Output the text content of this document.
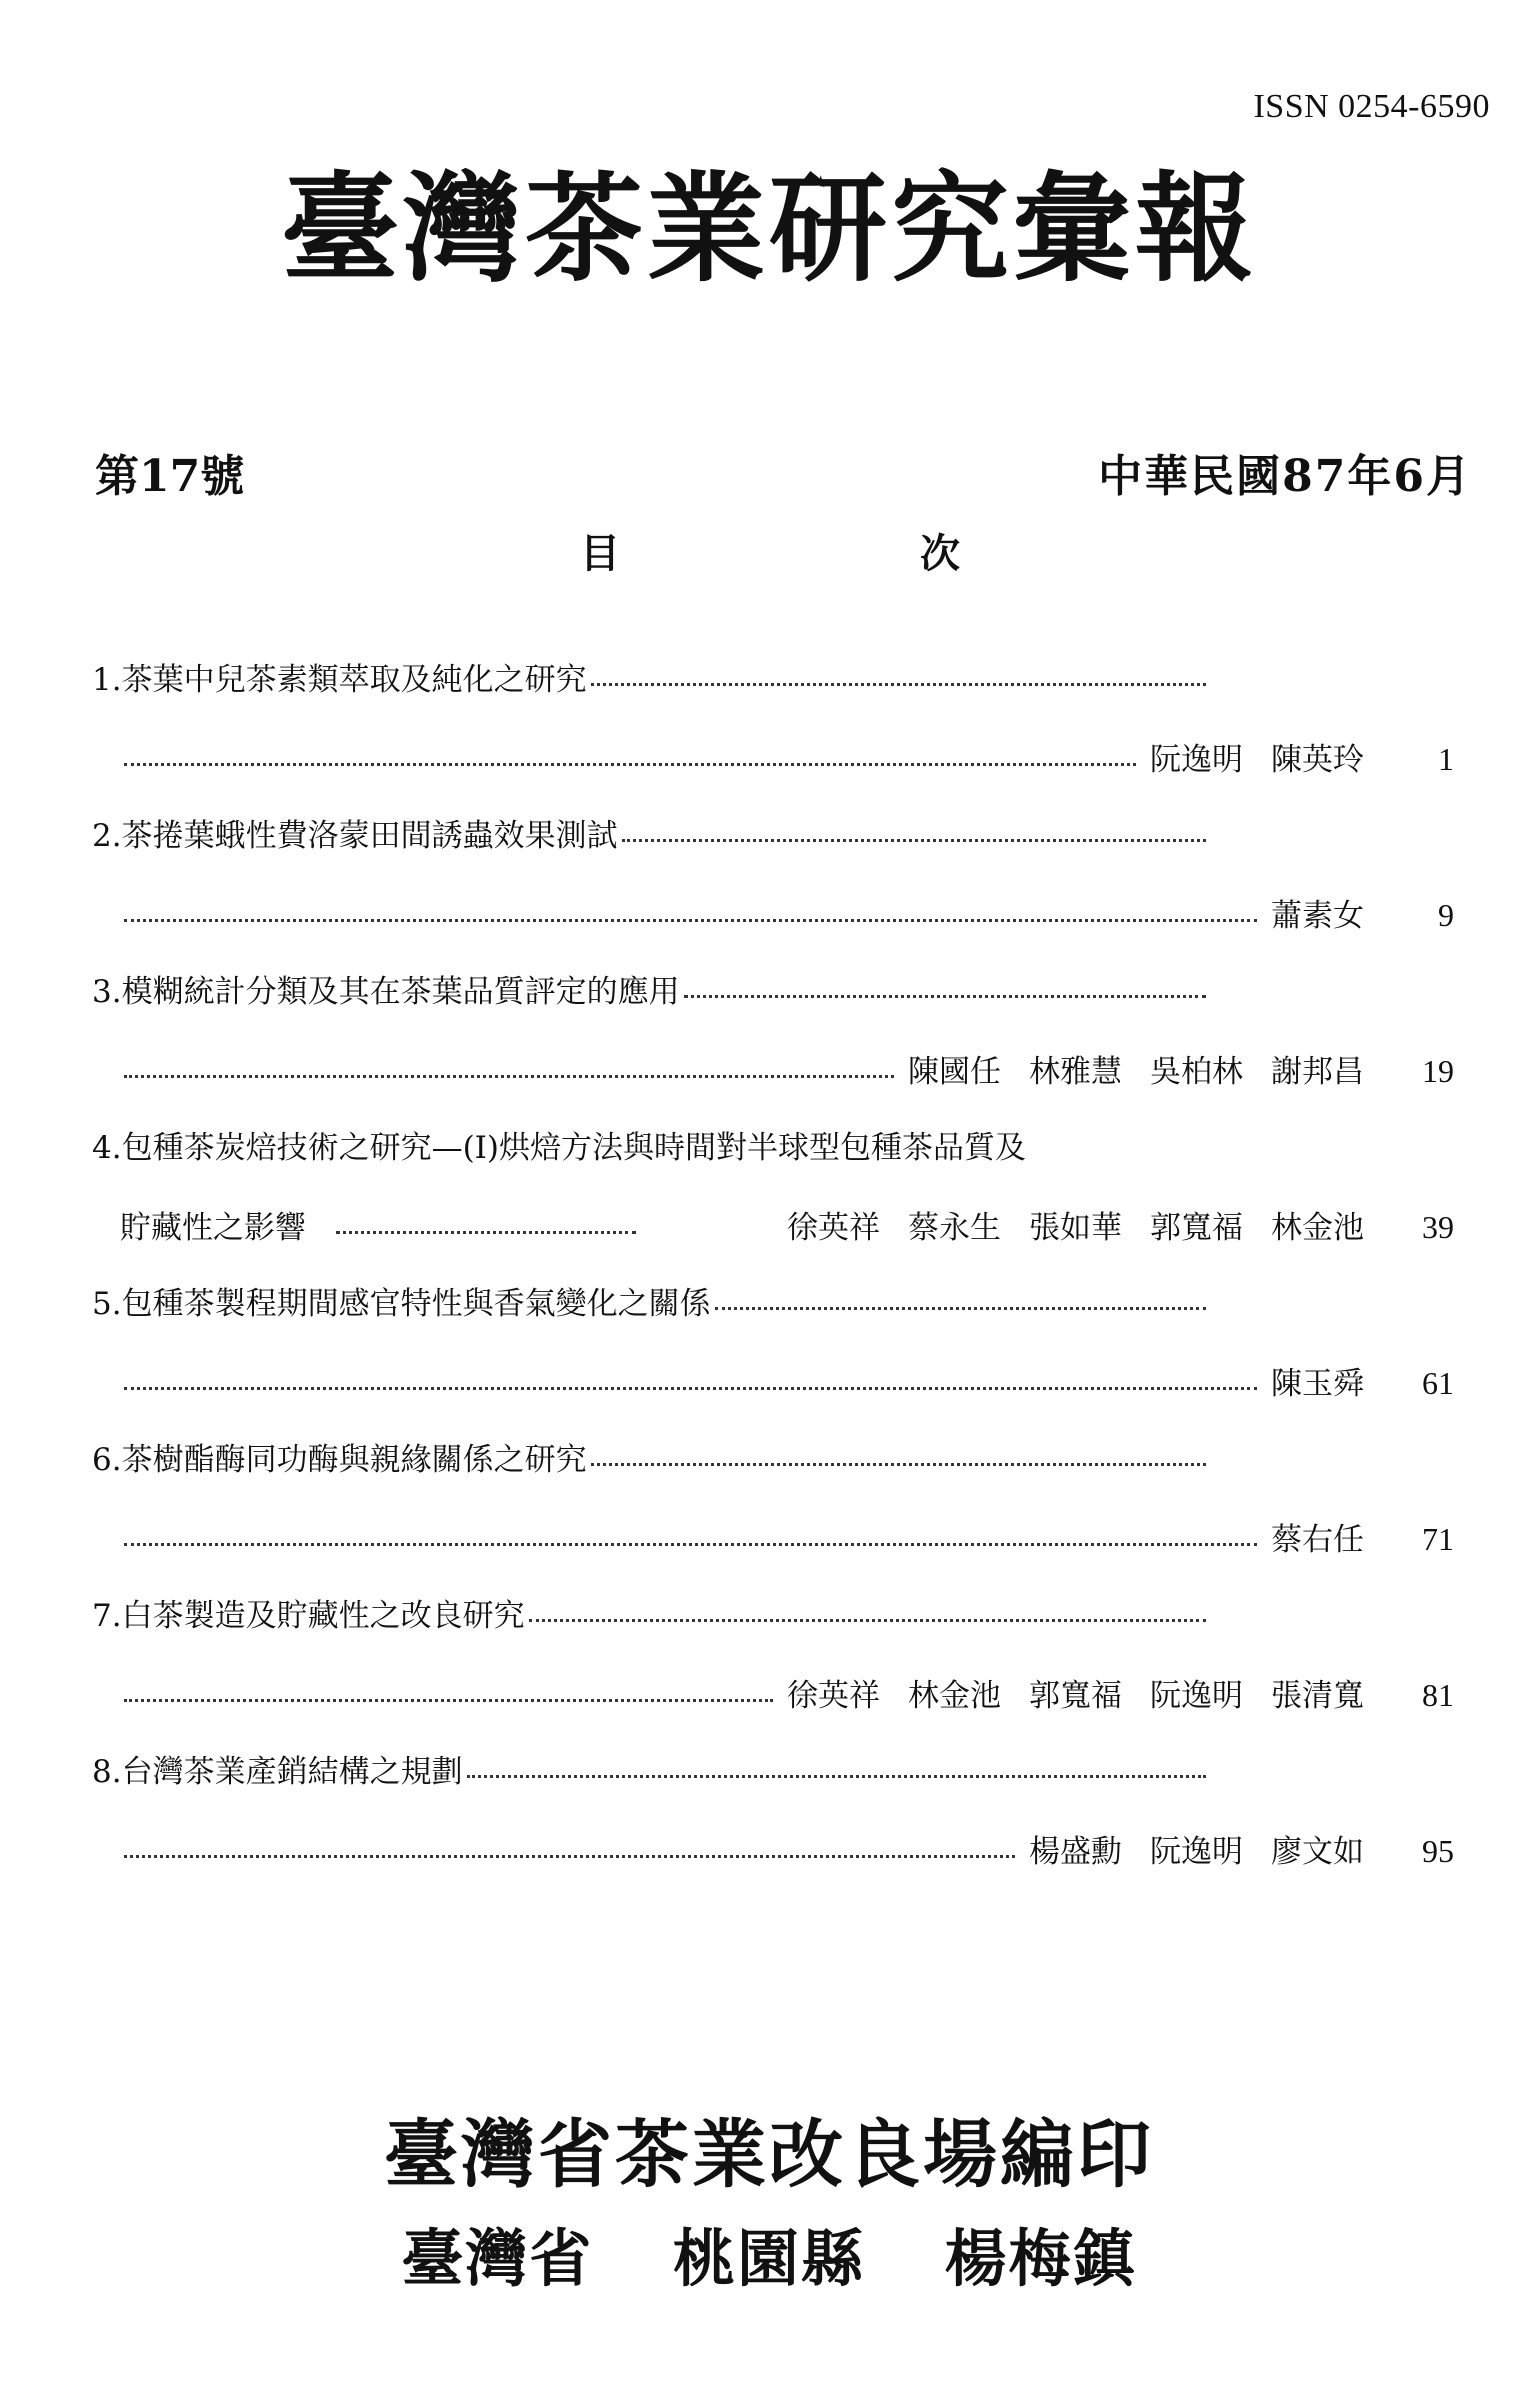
ISSN 0254-6590
臺灣茶業研究彙報
第17號	中華民國87年6月
目	次
1. 茶葉中兒茶素類萃取及純化之研究
阮逸明 陳英玲	1
2. 茶捲葉蛾性費洛蒙田間誘蟲效果測試
蕭素女	9
3. 模糊統計分類及其在茶葉品質評定的應用
陳國任 林雅慧 吳柏林 謝邦昌	19
4. 包種茶炭焙技術之研究—(Ⅰ)烘焙方法與時間對半球型包種茶品質及
貯藏性之影響	徐英祥 蔡永生 張如華 郭寬福 林金池	39
5. 包種茶製程期間感官特性與香氣變化之關係
陳玉舜	61
6. 茶樹酯酶同功酶與親緣關係之研究
蔡右任	71
7. 白茶製造及貯藏性之改良研究
徐英祥 林金池 郭寬福 阮逸明 張清寬	81
8. 台灣茶業產銷結構之規劃
楊盛勳 阮逸明 廖文如	95
臺灣省茶業改良場編印
臺灣省 桃園縣 楊梅鎮
